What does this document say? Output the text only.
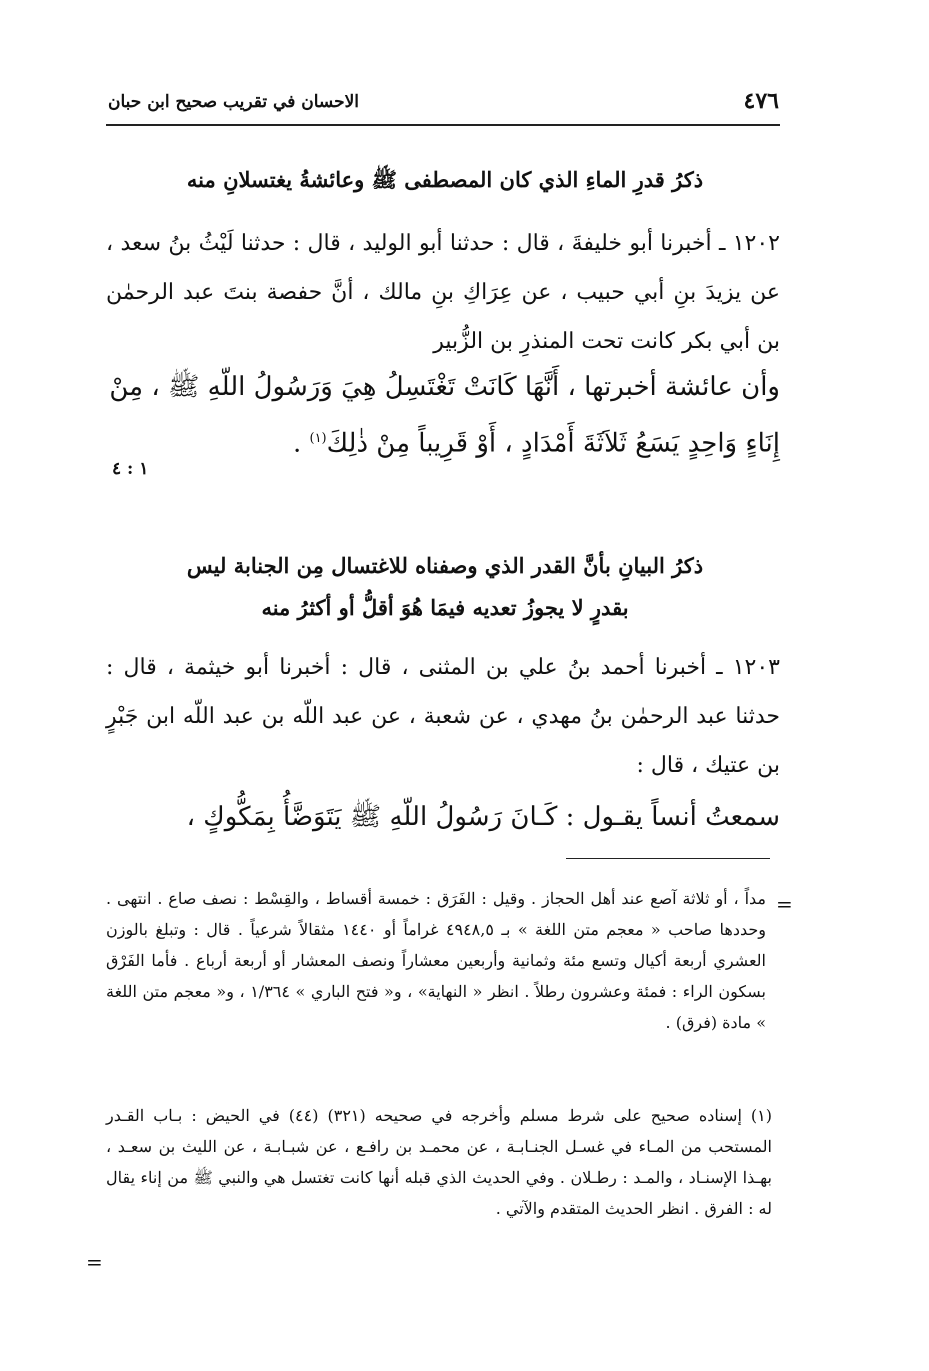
الاحسان في تقريب صحيح ابن حبان	٤٧٦
ذكرُ قدرِ الماءِ الذي كان المصطفى ﷺ وعائشةُ يغتسلانِ منه
١٢٠٢ ـ أخبرنا أبو خليفةَ ، قال : حدثنا أبو الوليد ، قال : حدثنا لَيْثُ بنُ سعد ، عن يزيدَ بنِ أبي حبيب ، عن عِرَاكِ بنِ مالك ، أنَّ حفصة بنتَ عبد الرحمٰن بن أبي بكر كانت تحت المنذرِ بن الزُّبير
وأن عائشة أخبرتها ، أَنَّهَا كَانَتْ تَغْتَسِلُ هِيَ وَرَسُولُ اللّهِ ﷺ ، مِنْ إِنَاءٍ وَاحِدٍ يَسَعُ ثَلاَثَةَ أَمْدَادٍ ، أَوْ قَرِيباً مِنْ ذٰلِكَ$^{(١)}$ .
١ : ٤
ذكرُ البيانِ بأنَّ القدر الذي وصفناه للاغتسال مِن الجنابة ليس
بقدرٍ لا يجوزُ تعديه فيمَا هُوَ أقلُّ أو أكثرُ منه
١٢٠٣ ـ أخبرنا أحمد بنُ علي بن المثنى ، قال : أخبرنا أبو خيثمة ، قال : حدثنا عبد الرحمٰن بنُ مهدي ، عن شعبة ، عن عبد اللّه بن عبد اللّه ابن جَبْرٍ بن عتيك ، قال :
سمعتُ أنساً يقـول : كَـانَ رَسُولُ اللّهِ ﷺ يَتَوَضَّأُ بِمَكُّوكٍ ،
=
مداً ، أو ثلاثة آصع عند أهل الحجاز . وقيل : الفَرَق : خمسة أقساط ، والقِسْط : نصف صاع . انتهى . وحددها صاحب « معجم متن اللغة » بـ ٤٩٤٨,٥ غراماً أو ١٤٤٠ مثقالاً شرعياً . قال : وتبلغ بالوزن العشري أربعة أكيال وتسع مئة وثمانية وأربعين معشاراً ونصف المعشار أو أربعة أرباع . فأما الفَرْق بسكون الراء : فمئة وعشرون رطلاً . انظر « النهاية» ، و« فتح الباري » ١/٣٦٤ ، و« معجم متن اللغة » مادة (فرق) .
(١) إسناده صحيح على شرط مسلم وأخرجه في صحيحه (٣٢١) (٤٤) في الحيض : بـاب القـدر المستحب من المـاء في غسـل الجنـابـة ، عن محمـد بن رافـع ، عن شبـابـة ، عن الليث بن سعـد ، بهـذا الإسنـاد ، والمـد : رطـلان . وفي الحديث الذي قبله أنها كانت تغتسل هي والنبي ﷺ من إناء يقال له : الفرق . انظر الحديث المتقدم والآتي .
=
